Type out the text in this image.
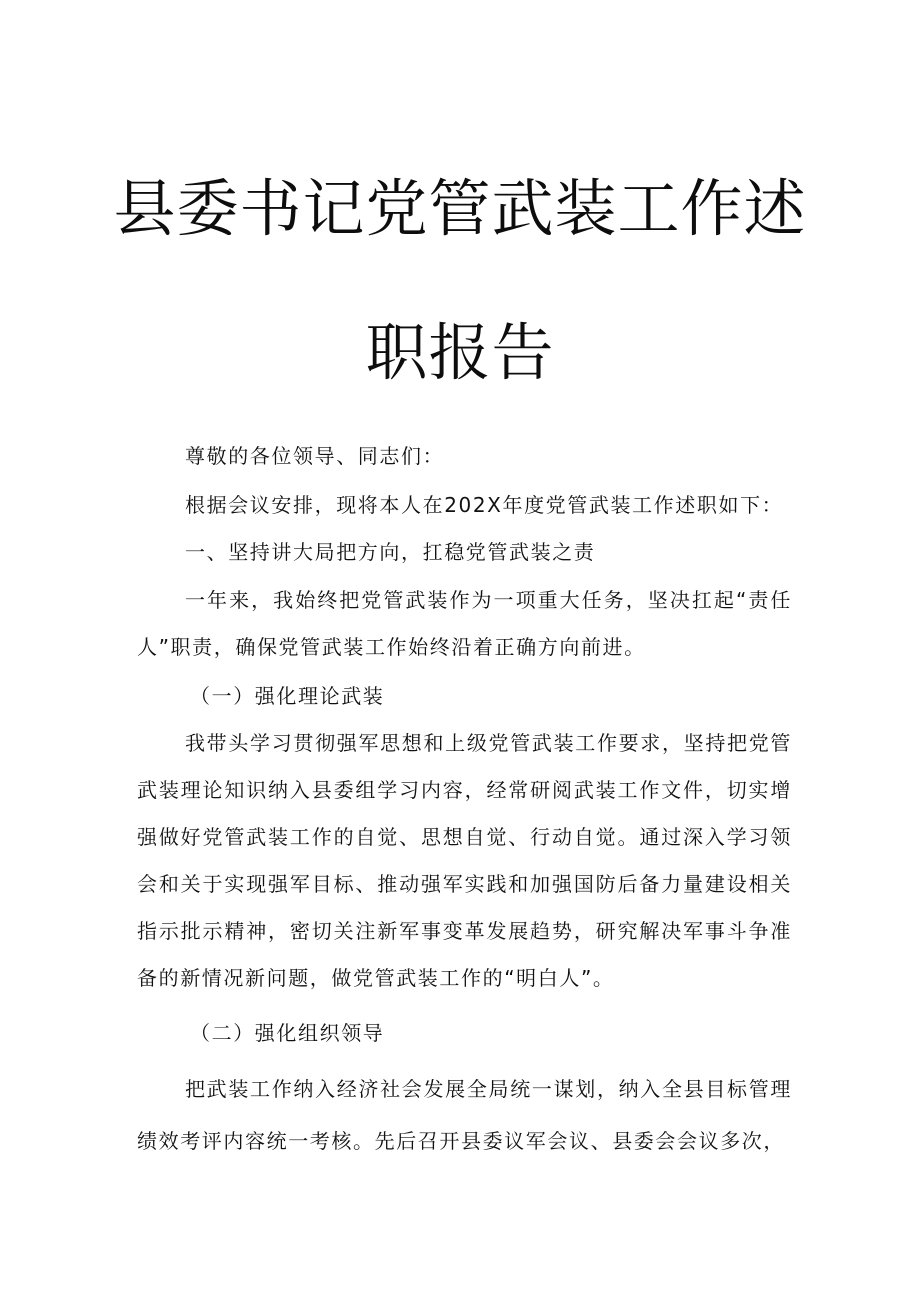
县委书记党管武装工作述
职报告
尊敬的各位领导、同志们：
根据会议安排，现将本人在202X年度党管武装工作述职如下：
一、坚持讲大局把方向，扛稳党管武装之责
一年来，我始终把党管武装作为一项重大任务，坚决扛起“责任
人”职责，确保党管武装工作始终沿着正确方向前进。
（一）强化理论武装
我带头学习贯彻强军思想和上级党管武装工作要求，坚持把党管
武装理论知识纳入县委组学习内容，经常研阅武装工作文件，切实增
强做好党管武装工作的自觉、思想自觉、行动自觉。通过深入学习领
会和关于实现强军目标、推动强军实践和加强国防后备力量建设相关
指示批示精神，密切关注新军事变革发展趋势，研究解决军事斗争准
备的新情况新问题，做党管武装工作的“明白人”。
（二）强化组织领导
把武装工作纳入经济社会发展全局统一谋划，纳入全县目标管理
绩效考评内容统一考核。先后召开县委议军会议、县委会会议多次，
